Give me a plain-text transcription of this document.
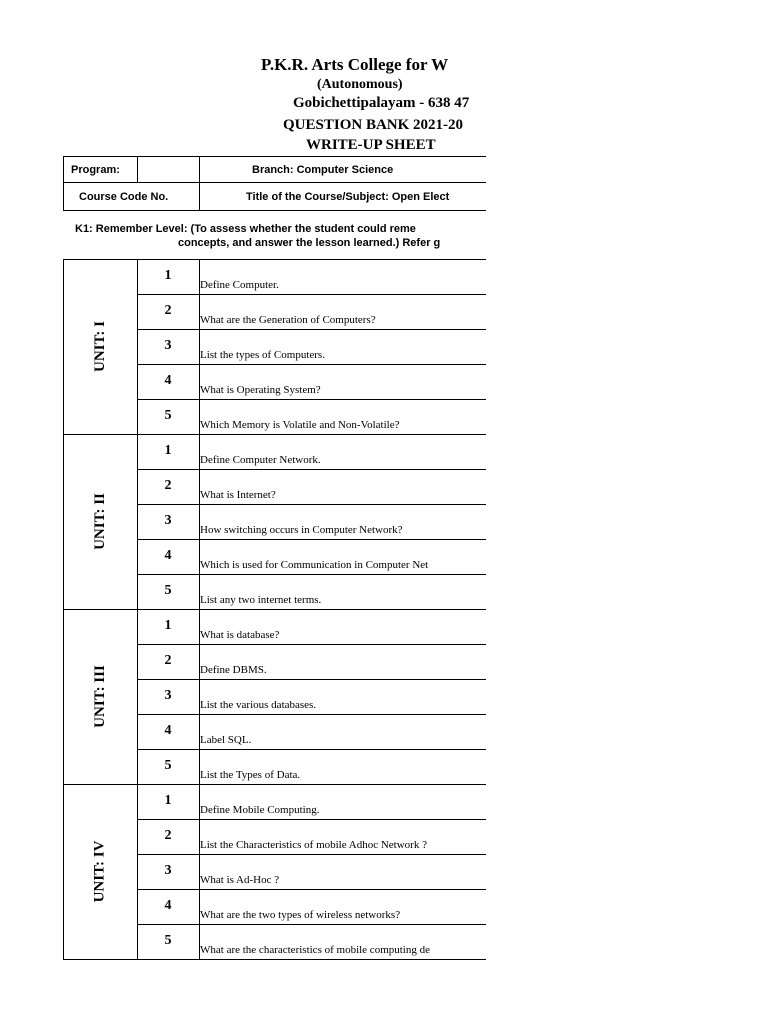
P.K.R. Arts College for W
(Autonomous)
Gobichettipalayam - 638 47
QUESTION BANK 2021-20
WRITE-UP SHEET
Program:	Branch: Computer Science
Course Code No.	Title of the Course/Subject: Open Elect
K1: Remember Level: (To assess whether the student could reme
concepts, and answer the lesson learned.) Refer g
UNIT: I
1
Define Computer.
2
What are the Generation of Computers?
3
List the types of Computers.
4
What is Operating System?
5
Which Memory is Volatile and Non-Volatile?
UNIT: II
1
Define Computer Network.
2
What is Internet?
3
How switching occurs in Computer Network?
4
Which is used for Communication in Computer Net
5
List any two internet terms.
UNIT: III
1
What is database?
2
Define DBMS.
3
List the various databases.
4
Label SQL.
5
List the Types of Data.
UNIT: IV
1
Define Mobile Computing.
2
List the Characteristics of mobile Adhoc Network ?
3
What is Ad-Hoc ?
4
What are the two types of wireless networks?
5
What are the characteristics of mobile computing de
